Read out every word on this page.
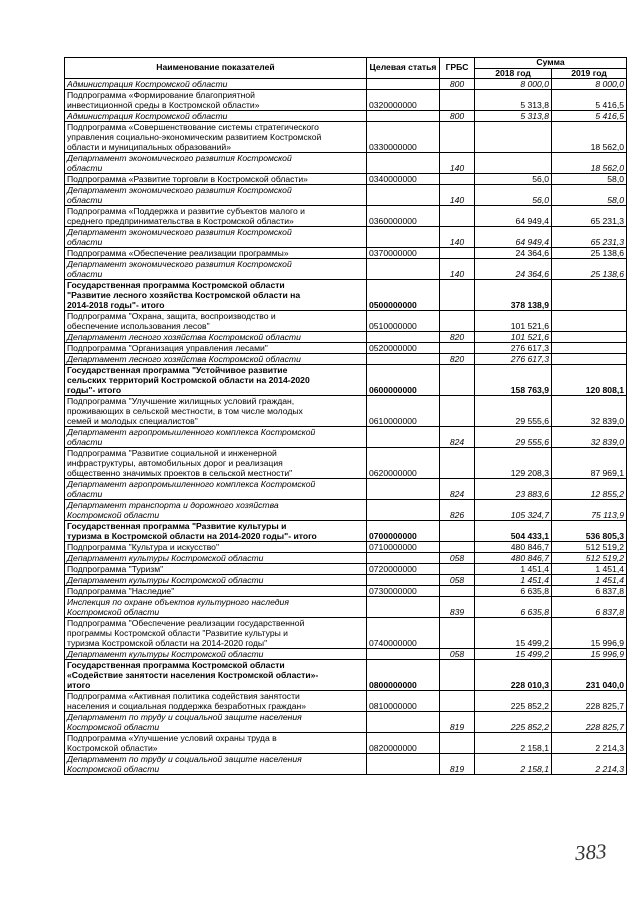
Наименование показателей	Целевая статья	ГРБС	Сумма	
			2018 год	2019 год

Администрация Костромской области		800	8 000,0	8 000,0

Подпрограмма «Формирование благоприятной
инвестиционной среды в Костромской области»	0320000000		5 313,8	5 416,5

Администрация Костромской области		800	5 313,8	5 416,5

Подпрограмма «Совершенствование системы стратегического
управления социально-экономическим развитием Костромской
области и муниципальных образований»	0330000000			18 562,0

Департамент экономического развития Костромской
области		140		18 562,0

Подпрограмма «Развитие торговли в Костромской области»	0340000000		56,0	58,0

Департамент экономического развития Костромской
области		140	56,0	58,0

Подпрограмма «Поддержка и развитие субъектов малого и
среднего предпринимательства в Костромской области»	0360000000		64 949,4	65 231,3

Департамент экономического развития Костромской
области		140	64 949,4	65 231,3

Подпрограмма «Обеспечение реализации программы»	0370000000		24 364,6	25 138,6

Департамент экономического развития Костромской
области		140	24 364,6	25 138,6

Государственная программа Костромской области
"Развитие лесного хозяйства Костромской области на
2014-2018 годы"- итого	0500000000		378 138,9	

Подпрограмма "Охрана, защита, воспроизводство и
обеспечение использования лесов"	0510000000		101 521,6	

Департамент лесного хозяйства Костромской области		820	101 521,6	

Подпрограмма "Организация управления лесами"	0520000000		276 617,3	

Департамент лесного хозяйства Костромской области		820	276 617,3	

Государственная программа "Устойчивое развитие
сельских территорий Костромской области на 2014-2020
годы"- итого	0600000000		158 763,9	120 808,1

Подпрограмма "Улучшение жилищных условий граждан,
проживающих в сельской местности, в том числе молодых
семей и молодых специалистов"	0610000000		29 555,6	32 839,0

Департамент агропромышленного комплекса Костромской
области		824	29 555,6	32 839,0

Подпрограмма "Развитие социальной и инженерной
инфраструктуры, автомобильных дорог и реализация
общественно значимых проектов в сельской местности"	0620000000		129 208,3	87 969,1

Департамент агропромышленного комплекса Костромской
области		824	23 883,6	12 855,2

Департамент транспорта и дорожного хозяйства
Костромской области		826	105 324,7	75 113,9

Государственная программа "Развитие культуры и
туризма в Костромской области на 2014-2020 годы"- итого	0700000000		504 433,1	536 805,3

Подпрограмма "Культура и искусство"	0710000000		480 846,7	512 519,2

Департамент культуры Костромской области		058	480 846,7	512 519,2

Подпрограмма "Туризм"	0720000000		1 451,4	1 451,4

Департамент культуры Костромской области		058	1 451,4	1 451,4

Подпрограмма "Наследие"	0730000000		6 635,8	6 837,8

Инспекция по охране объектов культурного наследия
Костромской области		839	6 635,8	6 837,8

Подпрограмма "Обеспечение реализации государственной
программы Костромской области "Развитие культуры и
туризма Костромской области на 2014-2020 годы"	0740000000		15 499,2	15 996,9

Департамент культуры Костромской области		058	15 499,2	15 996,9

Государственная программа Костромской области
«Содействие занятости населения Костромской области»-
итого	0800000000		228 010,3	231 040,0

Подпрограмма «Активная политика содействия занятости
населения и социальная поддержка безработных граждан»	0810000000		225 852,2	228 825,7

Департамент по труду и социальной защите населения
Костромской области		819	225 852,2	228 825,7

Подпрограмма «Улучшение условий охраны труда в
Костромской области»	0820000000		2 158,1	2 214,3

Департамент по труду и социальной защите населения
Костромской области		819	2 158,1	2 214,3
383
